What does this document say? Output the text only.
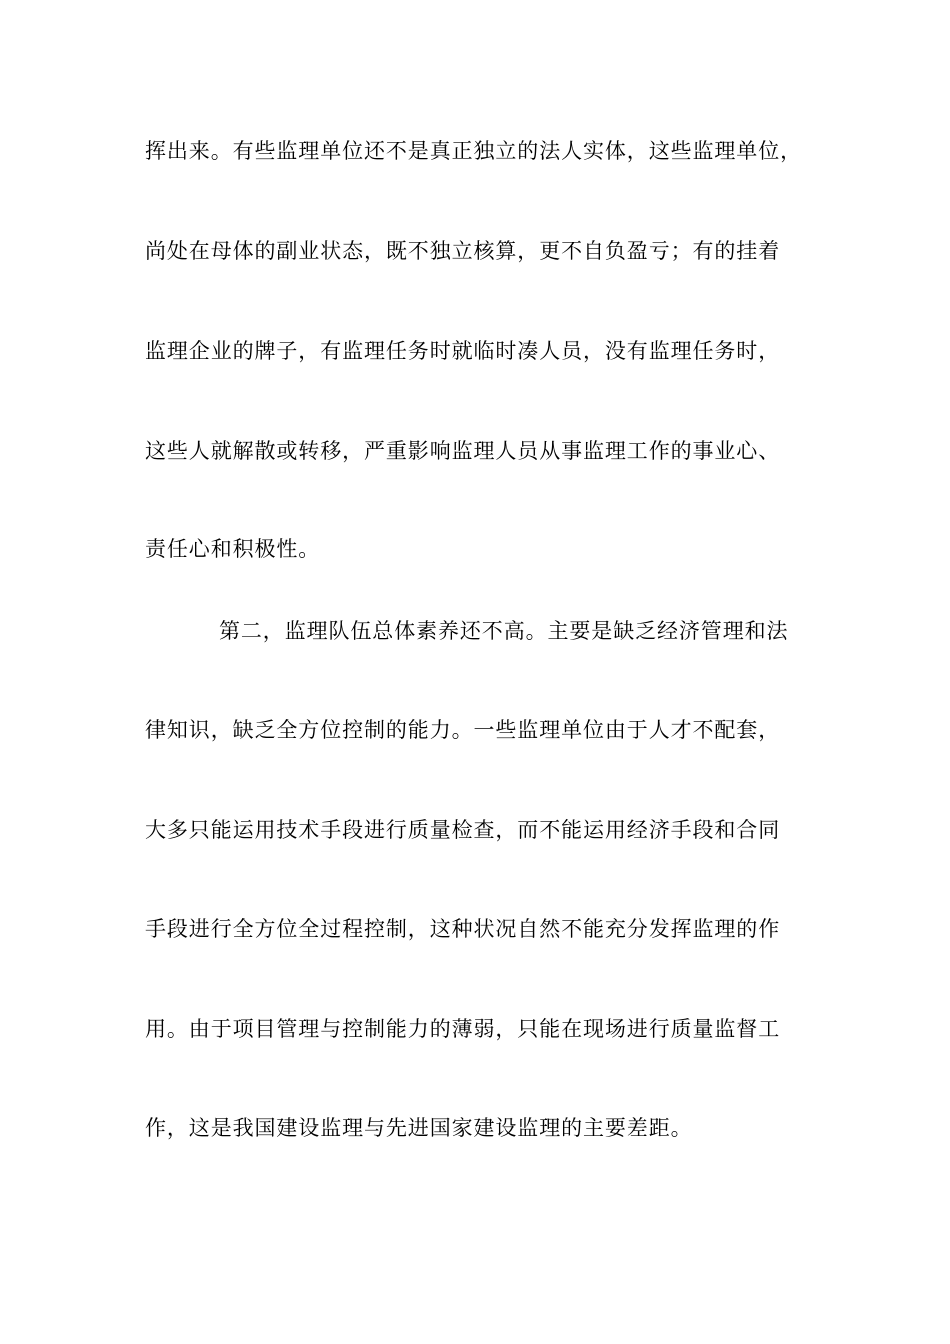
挥出来。有些监理单位还不是真正独立的法人实体，这些监理单位，
尚处在母体的副业状态，既不独立核算，更不自负盈亏；有的挂着
监理企业的牌子，有监理任务时就临时凑人员，没有监理任务时，
这些人就解散或转移，严重影响监理人员从事监理工作的事业心、
责任心和积极性。
第二，监理队伍总体素养还不高。主要是缺乏经济管理和法
律知识，缺乏全方位控制的能力。一些监理单位由于人才不配套，
大多只能运用技术手段进行质量检查，而不能运用经济手段和合同
手段进行全方位全过程控制，这种状况自然不能充分发挥监理的作
用。由于项目管理与控制能力的薄弱，只能在现场进行质量监督工
作，这是我国建设监理与先进国家建设监理的主要差距。
